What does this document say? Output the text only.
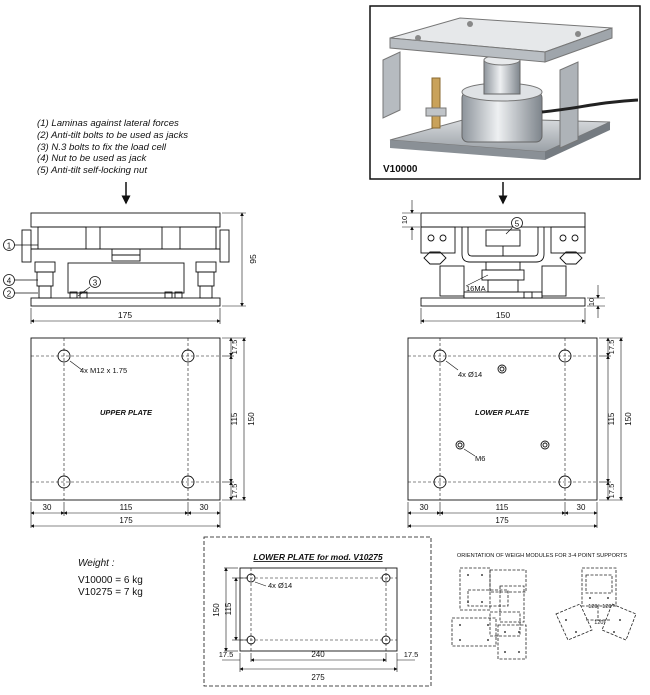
1
4
2
3
175
95
5
16MA
150
10
10
4x M12 x 1.75
UPPER PLATE
30	115	30
175
17.5
115
17.5
150
4x Ø14
LOWER PLATE
M6
30	115	30
175
17.5
115
17.5
150
LOWER PLATE for mod. V10275
4x Ø14
150 115
240
275
17.5	17.5
ORIENTATION OF WEIGH MODULES FOR 3-4 POINT SUPPORTS
120° 120°
120°
V10000
(1) Laminas against lateral forces
(2) Anti-tilt bolts to be used as jacks
(3) N.3 bolts to fix the load cell
(4) Nut to be used as jack
(5) Anti-tilt self-locking nut
Weight :
V10000 = 6 kg
V10275 = 7 kg
